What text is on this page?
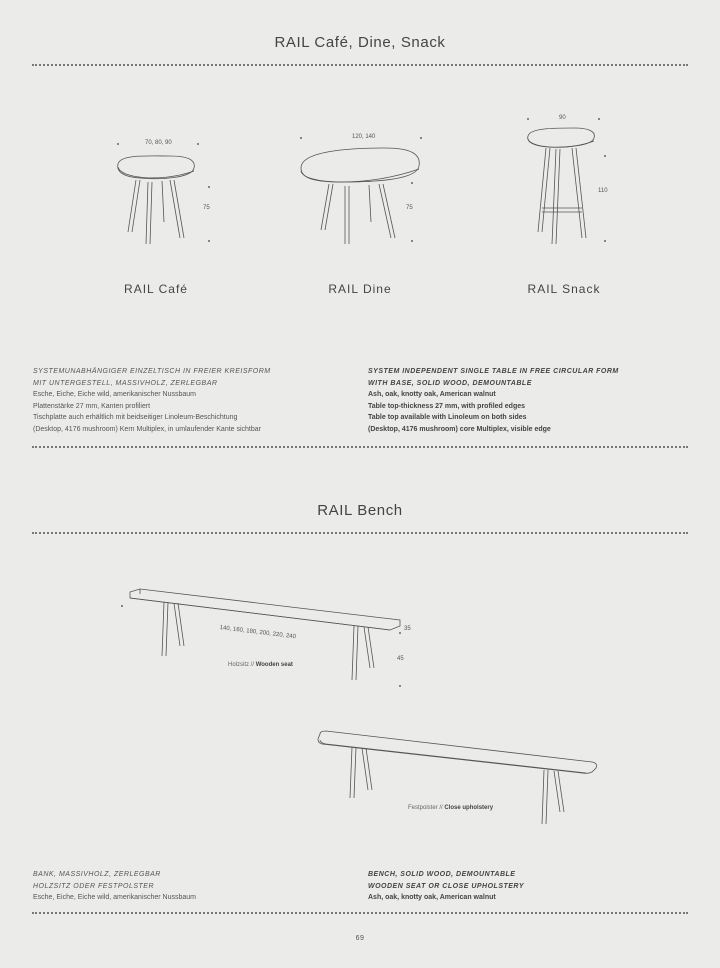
RAIL Café, Dine, Snack
70, 80, 90
75
RAIL Café
120, 140
75
RAIL Dine
90
110
RAIL Snack
SYSTEMUNABHÄNGIGER EINZELTISCH IN FREIER KREISFORM
MIT UNTERGESTELL, MASSIVHOLZ, ZERLEGBAR
Esche, Eiche, Eiche wild, amerikanischer Nussbaum
Plattenstärke 27 mm, Kanten profiliert
Tischplatte auch erhältlich mit beidseitiger Linoleum-Beschichtung
(Desktop, 4176 mushroom) Kern Multiplex, in umlaufender Kante sichtbar
SYSTEM INDEPENDENT SINGLE TABLE IN FREE CIRCULAR FORM
WITH BASE, SOLID WOOD, DEMOUNTABLE
Ash, oak, knotty oak, American walnut
Table top-thickness 27 mm, with profiled edges
Table top available with Linoleum on both sides
(Desktop, 4176 mushroom) core Multiplex, visible edge
RAIL Bench
140, 160, 180, 200, 220, 240	35
45
Holzsitz // Wooden seat
Festpolster // Close upholstery
BANK, MASSIVHOLZ, ZERLEGBAR
HOLZSITZ ODER FESTPOLSTER
Esche, Eiche, Eiche wild, amerikanischer Nussbaum
BENCH, SOLID WOOD, DEMOUNTABLE
WOODEN SEAT OR CLOSE UPHOLSTERY
Ash, oak, knotty oak, American walnut
69
